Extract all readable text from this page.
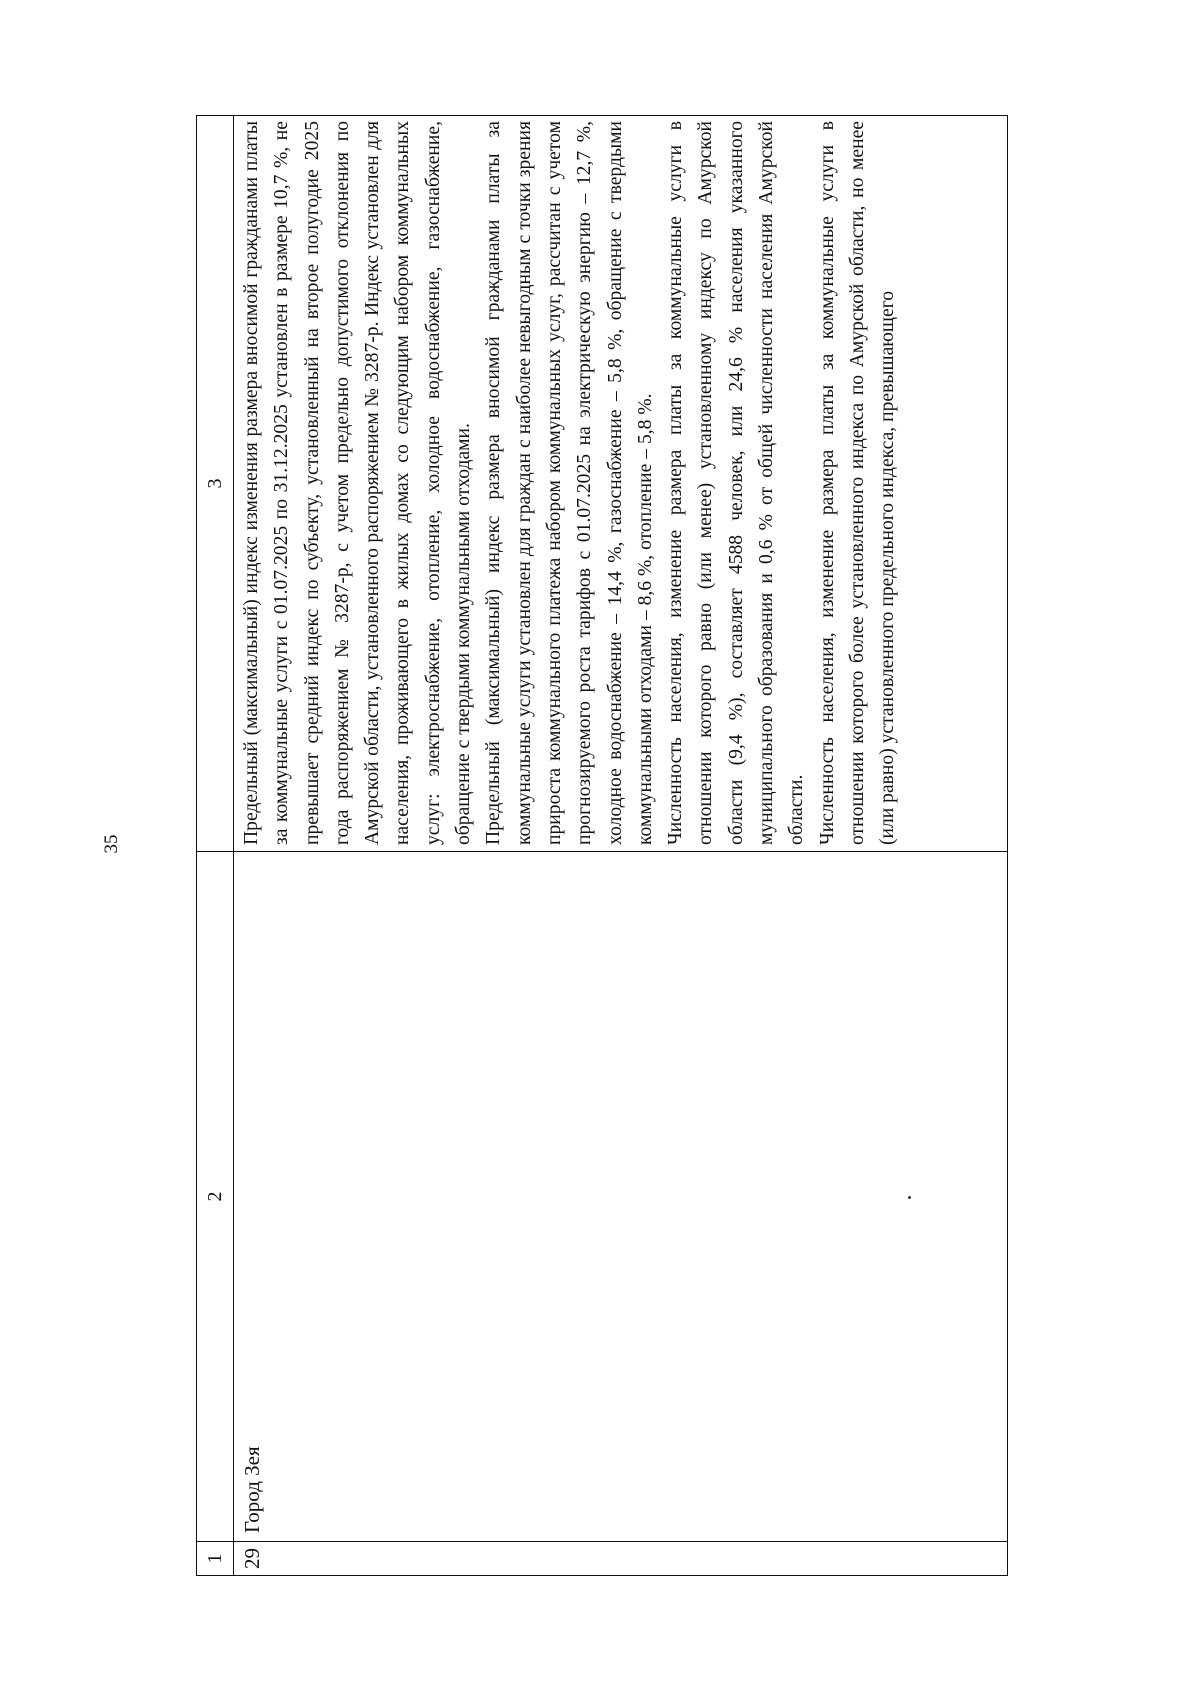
35
1	2	3
29	Город Зея	Предельный (максимальный) индекс изменения размера вносимой гражданами платы за коммунальные услуги с 01.07.2025 по 31.12.2025 установлен в размере 10,7 %, не превышает средний индекс по субъекту, установленный на второе полугодие 2025 года распоряжением № 3287-р, с учетом предельно допустимого отклонения по Амурской области, установленного распоряжением № 3287-р. Индекс установлен для населения, проживающего в жилых домах со следующим набором коммунальных услуг: электроснабжение, отопление, холодное водоснабжение, газоснабжение, обращение с твердыми коммунальными отходами. Предельный (максимальный) индекс размера вносимой гражданами платы за коммунальные услуги установлен для граждан с наиболее невыгодным с точки зрения прироста коммунального платежа набором коммунальных услуг, рассчитан с учетом прогнозируемого роста тарифов с 01.07.2025 на электрическую энергию – 12,7 %, холодное водоснабжение – 14,4 %, газоснабжение – 5,8 %, обращение с твердыми коммунальными отходами – 8,6 %, отопление – 5,8 %. Численность населения, изменение размера платы за коммунальные услуги в отношении которого равно (или менее) установленному индексу по Амурской области (9,4 %), составляет 4588 человек, или 24,6 % населения указанного муниципального образования и 0,6 % от общей численности населения Амурской области. Численность населения, изменение размера платы за коммунальные услуги в отношении которого более установленного индекса по Амурской области, но менее (или равно) установленного предельного индекса, превышающего
